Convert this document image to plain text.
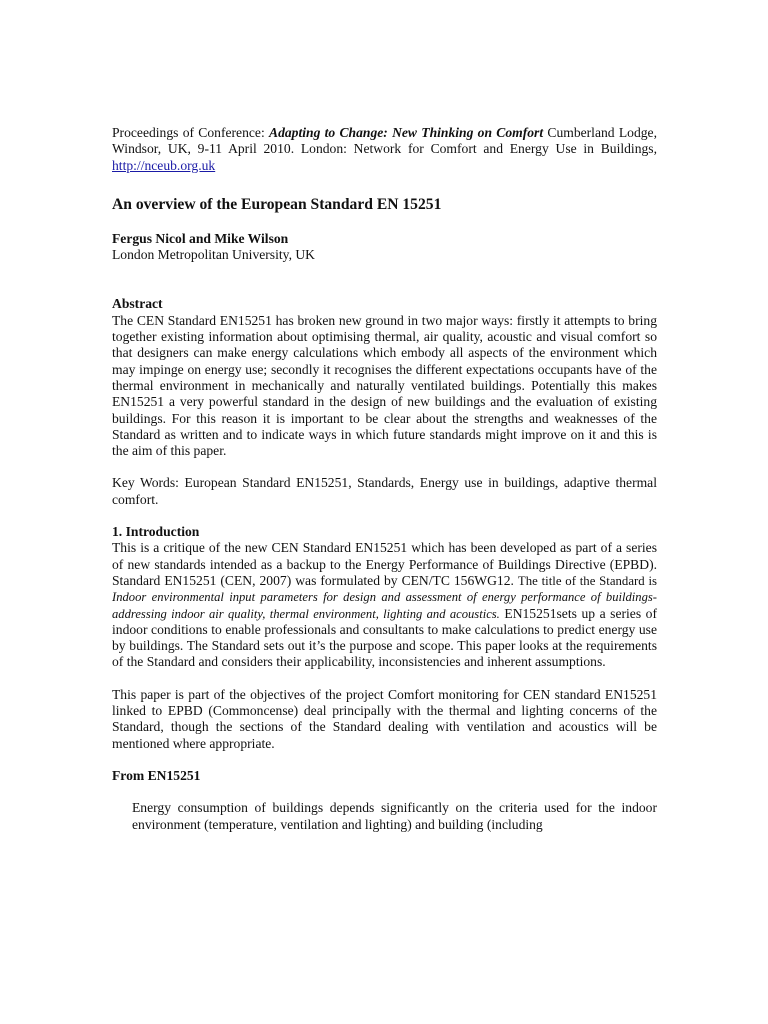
Proceedings of Conference: Adapting to Change: New Thinking on Comfort Cumberland Lodge, Windsor, UK, 9-11 April 2010. London: Network for Comfort and Energy Use in Buildings, http://nceub.org.uk

An overview of the European Standard EN 15251

Fergus Nicol and Mike Wilson

London Metropolitan University, UK

Abstract

The CEN Standard EN15251 has broken new ground in two major ways: firstly it attempts to bring together existing information about optimising thermal, air quality, acoustic and visual comfort so that designers can make energy calculations which embody all aspects of the environment which may impinge on energy use; secondly it recognises the different expectations occupants have of the thermal environment in mechanically and naturally ventilated buildings. Potentially this makes EN15251 a very powerful standard in the design of new buildings and the evaluation of existing buildings. For this reason it is important to be clear about the strengths and weaknesses of the Standard as written and to indicate ways in which future standards might improve on it and this is the aim of this paper.

Key Words: European Standard EN15251, Standards, Energy use in buildings, adaptive thermal comfort.

1. Introduction

This is a critique of the new CEN Standard EN15251 which has been developed as part of a series of new standards intended as a backup to the Energy Performance of Buildings Directive (EPBD). Standard EN15251 (CEN, 2007) was formulated by CEN/TC 156WG12. The title of the Standard is Indoor environmental input parameters for design and assessment of energy performance of buildings- addressing indoor air quality, thermal environment, lighting and acoustics. EN15251sets up a series of indoor conditions to enable professionals and consultants to make calculations to predict energy use by buildings. The Standard sets out it’s the purpose and scope. This paper looks at the requirements of the Standard and considers their applicability, inconsistencies and inherent assumptions.

This paper is part of the objectives of the project Comfort monitoring for CEN standard EN15251 linked to EPBD (Commoncense) deal principally with the thermal and lighting concerns of the Standard, though the sections of the Standard dealing with ventilation and acoustics will be mentioned where appropriate.

From EN15251

Energy consumption of buildings depends significantly on the criteria used for the indoor environment (temperature, ventilation and lighting) and building (including
